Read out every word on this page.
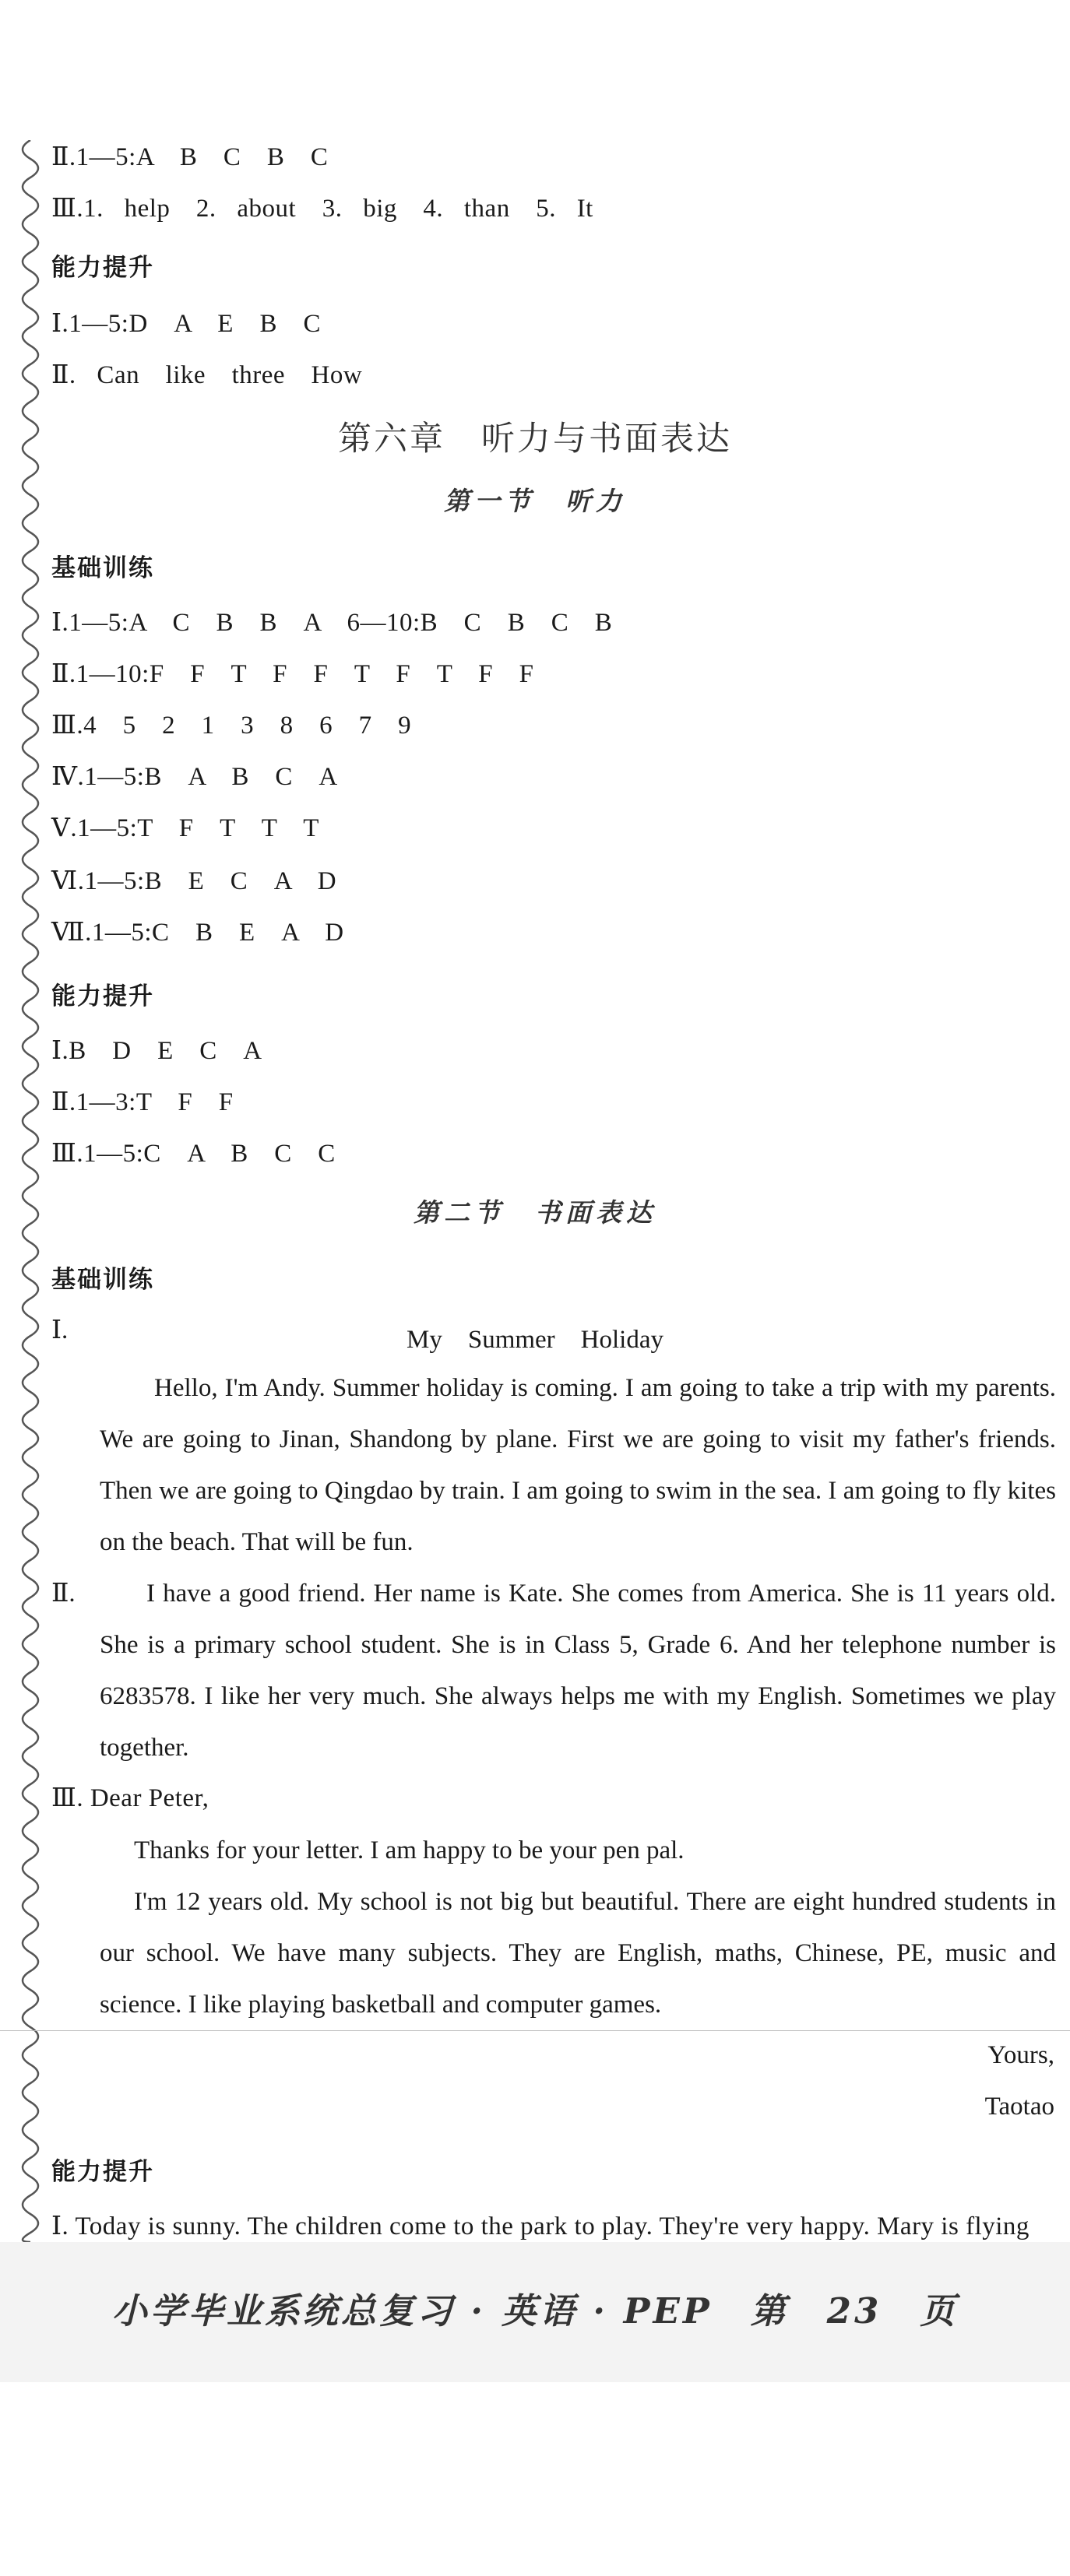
Ⅱ.1—5:A　B　C　B　C
Ⅲ.1. help　2. about　3. big　4. than　5. It
能力提升
Ⅰ.1—5:D　A　E　B　C
Ⅱ. Can　like　three　How
第六章　听力与书面表达
第一节　听力
基础训练
Ⅰ.1—5:A　C　B　B　A　6—10:B　C　B　C　B
Ⅱ.1—10:F　F　T　F　F　T　F　T　F　F
Ⅲ.4　5　2　1　3　8　6　7　9
Ⅳ.1—5:B　A　B　C　A
Ⅴ.1—5:T　F　T　T　T
Ⅵ.1—5:B　E　C　A　D
Ⅶ.1—5:C　B　E　A　D
能力提升
Ⅰ.B　D　E　C　A
Ⅱ.1—3:T　F　F
Ⅲ.1—5:C　A　B　C　C
第二节　书面表达
基础训练
Ⅰ.	My　Summer　Holiday
Hello, I'm Andy. Summer holiday is coming. I am going to take a trip with my parents. We are going to Jinan, Shandong by plane. First we are going to visit my father's friends. Then we are going to Qingdao by train. I am going to swim in the sea. I am going to fly kites on the beach. That will be fun.
Ⅱ.	I have a good friend. Her name is Kate. She comes from America. She is 11 years old. She is a primary school student. She is in Class 5, Grade 6. And her telephone number is 6283578. I like her very much. She always helps me with my English. Sometimes we play together.
Ⅲ. Dear Peter,
Thanks for your letter. I am happy to be your pen pal.
I'm 12 years old. My school is not big but beautiful. There are eight hundred students in our school. We have many subjects. They are English, maths, Chinese, PE, music and science. I like playing basketball and computer games.
Yours,
Taotao
能力提升
Ⅰ. Today is sunny. The children come to the park to play. They're very happy. Mary is flying
小学毕业系统总复习 · 英语 · PEP　第　23　页
